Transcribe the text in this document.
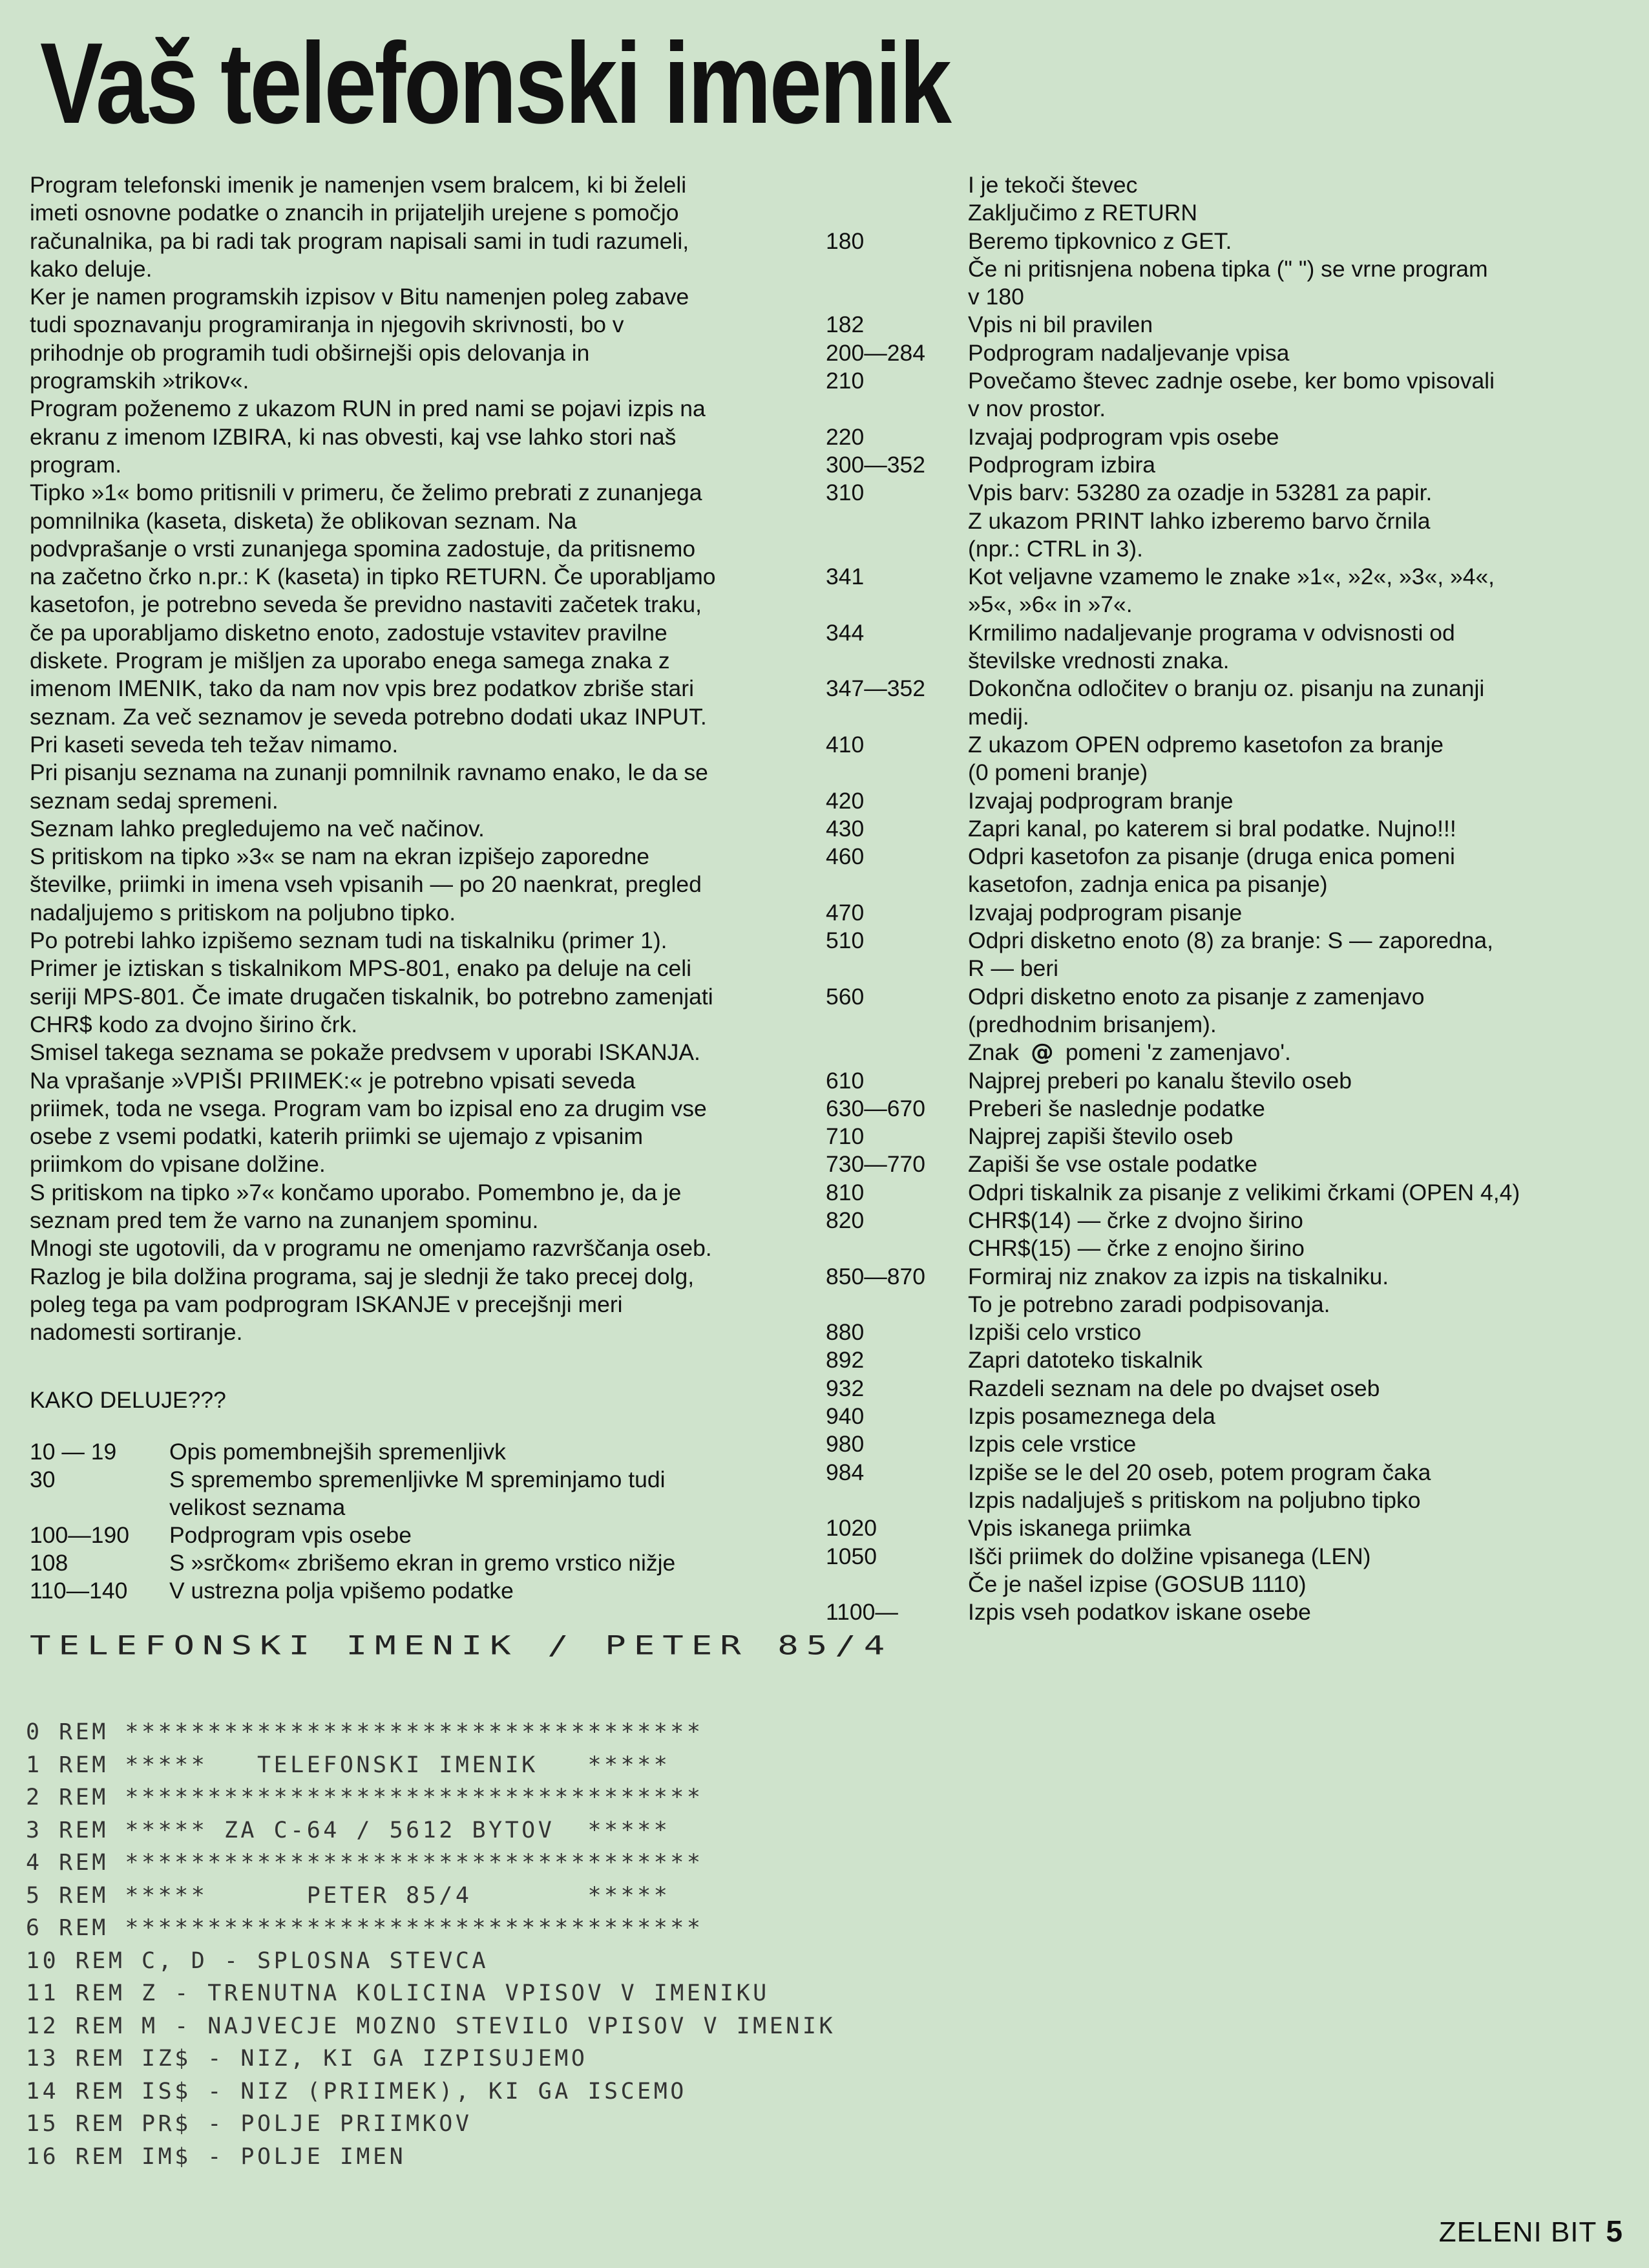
Vaš telefonski imenik

Program telefonski imenik je namenjen vsem bralcem, ki bi želeli
imeti osnovne podatke o znancih in prijateljih urejene s pomočjo
računalnika, pa bi radi tak program napisali sami in tudi razumeli,
kako deluje.

Ker je namen programskih izpisov v Bitu namenjen poleg zabave
tudi spoznavanju programiranja in njegovih skrivnosti, bo v
prihodnje ob programih tudi obširnejši opis delovanja in
programskih »trikov«.

Program poženemo z ukazom RUN in pred nami se pojavi izpis na
ekranu z imenom IZBIRA, ki nas obvesti, kaj vse lahko stori naš
program.

Tipko »1« bomo pritisnili v primeru, če želimo prebrati z zunanjega
pomnilnika (kaseta, disketa) že oblikovan seznam. Na
podvprašanje o vrsti zunanjega spomina zadostuje, da pritisnemo
na začetno črko n.pr.: K (kaseta) in tipko RETURN. Če uporabljamo
kasetofon, je potrebno seveda še previdno nastaviti začetek traku,
če pa uporabljamo disketno enoto, zadostuje vstavitev pravilne
diskete. Program je mišljen za uporabo enega samega znaka z
imenom IMENIK, tako da nam nov vpis brez podatkov zbriše stari
seznam. Za več seznamov je seveda potrebno dodati ukaz INPUT.
Pri kaseti seveda teh težav nimamo.

Pri pisanju seznama na zunanji pomnilnik ravnamo enako, le da se
seznam sedaj spremeni.

Seznam lahko pregledujemo na več načinov.

S pritiskom na tipko »3« se nam na ekran izpišejo zaporedne
številke, priimki in imena vseh vpisanih — po 20 naenkrat, pregled
nadaljujemo s pritiskom na poljubno tipko.

Po potrebi lahko izpišemo seznam tudi na tiskalniku (primer 1).

Primer je iztiskan s tiskalnikom MPS-801, enako pa deluje na celi
seriji MPS-801. Če imate drugačen tiskalnik, bo potrebno zamenjati
CHR$ kodo za dvojno širino črk.

Smisel takega seznama se pokaže predvsem v uporabi ISKANJA.

Na vprašanje »VPIŠI PRIIMEK:« je potrebno vpisati seveda
priimek, toda ne vsega. Program vam bo izpisal eno za drugim vse
osebe z vsemi podatki, katerih priimki se ujemajo z vpisanim
priimkom do vpisane dolžine.

S pritiskom na tipko »7« končamo uporabo. Pomembno je, da je
seznam pred tem že varno na zunanjem spominu.

Mnogi ste ugotovili, da v programu ne omenjamo razvrščanja oseb.
Razlog je bila dolžina programa, saj je slednji že tako precej dolg,
poleg tega pa vam podprogram ISKANJE v precejšnji meri
nadomesti sortiranje.

KAKO DELUJE???
10 — 19	Opis pomembnejših spremenljivk
30	S spremembo spremenljivke M spreminjamo tudi
velikost seznama
100—190	Podprogram vpis osebe
108	S »srčkom« zbrišemo ekran in gremo vrstico nižje
110—140	V ustrezna polja vpišemo podatke
I je tekoči števec
Zaključimo z RETURN
180	Beremo tipkovnico z GET.
Če ni pritisnjena nobena tipka (" ") se vrne program
v 180
182	Vpis ni bil pravilen
200—284	Podprogram nadaljevanje vpisa
210	Povečamo števec zadnje osebe, ker bomo vpisovali
v nov prostor.
220	Izvajaj podprogram vpis osebe
300—352	Podprogram izbira
310	Vpis barv: 53280 za ozadje in 53281 za papir.
Z ukazom PRINT lahko izberemo barvo črnila
(npr.: CTRL in 3).
341	Kot veljavne vzamemo le znake »1«, »2«, »3«, »4«,
»5«, »6« in »7«.
344	Krmilimo nadaljevanje programa v odvisnosti od
številske vrednosti znaka.
347—352	Dokončna odločitev o branju oz. pisanju na zunanji
medij.
410	Z ukazom OPEN odpremo kasetofon za branje
(0 pomeni branje)
420	Izvajaj podprogram branje
430	Zapri kanal, po katerem si bral podatke. Nujno!!!
460	Odpri kasetofon za pisanje (druga enica pomeni
kasetofon, zadnja enica pa pisanje)
470	Izvajaj podprogram pisanje
510	Odpri disketno enoto (8) za branje: S — zaporedna,
R — beri
560	Odpri disketno enoto za pisanje z zamenjavo
(predhodnim brisanjem).
Znak @ pomeni 'z zamenjavo'.
610	Najprej preberi po kanalu število oseb
630—670	Preberi še naslednje podatke
710	Najprej zapiši število oseb
730—770	Zapiši še vse ostale podatke
810	Odpri tiskalnik za pisanje z velikimi črkami (OPEN 4,4)
820	CHR$(14) — črke z dvojno širino
CHR$(15) — črke z enojno širino
850—870	Formiraj niz znakov za izpis na tiskalniku.
To je potrebno zaradi podpisovanja.
880	Izpiši celo vrstico
892	Zapri datoteko tiskalnik
932	Razdeli seznam na dele po dvajset oseb
940	Izpis posameznega dela
980	Izpis cele vrstice
984	Izpiše se le del 20 oseb, potem program čaka
Izpis nadaljuješ s pritiskom na poljubno tipko
1020	Vpis iskanega priimka
1050	Išči priimek do dolžine vpisanega (LEN)
Če je našel izpise (GOSUB 1110)
1100—	Izpis vseh podatkov iskane osebe
TELEFONSKI IMENIK / PETER 85/4
0 REM ***********************************
1 REM *****   TELEFONSKI IMENIK   *****
2 REM ***********************************
3 REM ***** ZA C-64 / 5612 BYTOV  *****
4 REM ***********************************
5 REM *****      PETER 85/4       *****
6 REM ***********************************
10 REM C, D - SPLOSNA STEVCA
11 REM Z - TRENUTNA KOLICINA VPISOV V IMENIKU
12 REM M - NAJVECJE MOZNO STEVILO VPISOV V IMENIK
13 REM IZ$ - NIZ, KI GA IZPISUJEMO
14 REM IS$ - NIZ (PRIIMEK), KI GA ISCEMO
15 REM PR$ - POLJE PRIIMKOV
16 REM IM$ - POLJE IMEN
ZELENI BIT 5
